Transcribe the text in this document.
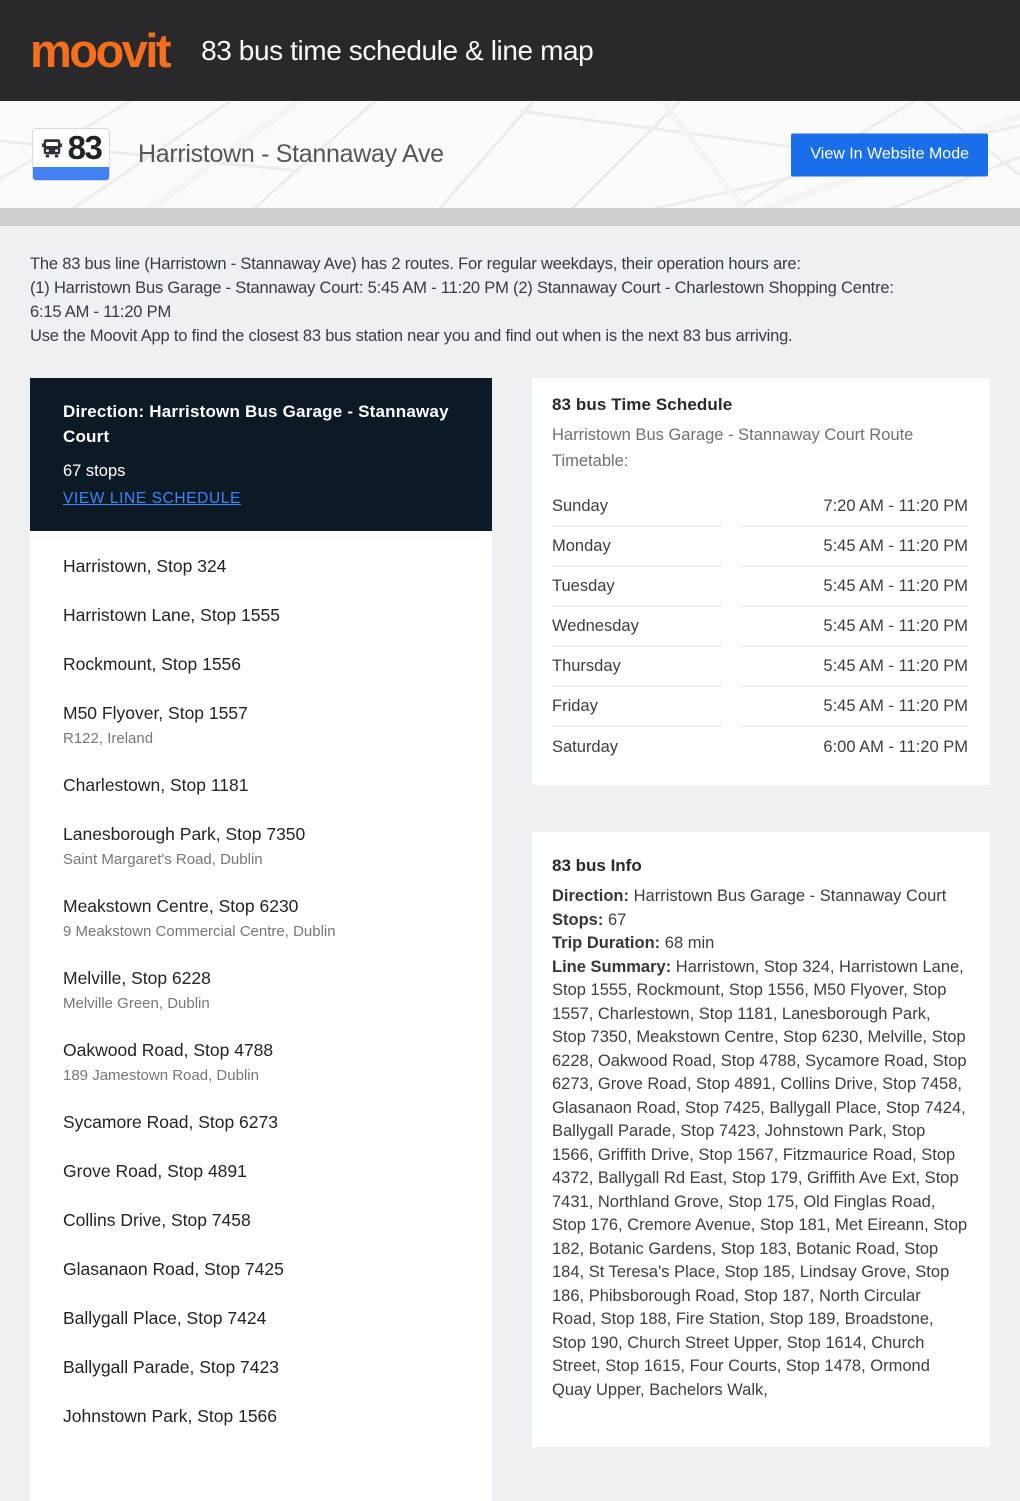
moovit 83 bus time schedule & line map
83 Harristown - Stannaway Ave	View In Website Mode
The 83 bus line (Harristown - Stannaway Ave) has 2 routes. For regular weekdays, their operation hours are:
(1) Harristown Bus Garage - Stannaway Court: 5:45 AM - 11:20 PM (2) Stannaway Court - Charlestown Shopping Centre:
6:15 AM - 11:20 PM
Use the Moovit App to find the closest 83 bus station near you and find out when is the next 83 bus arriving.
Direction: Harristown Bus Garage - Stannaway Court
67 stops
VIEW LINE SCHEDULE
Harristown, Stop 324
Harristown Lane, Stop 1555
Rockmount, Stop 1556
M50 Flyover, Stop 1557
R122, Ireland
Charlestown, Stop 1181
Lanesborough Park, Stop 7350
Saint Margaret's Road, Dublin
Meakstown Centre, Stop 6230
9 Meakstown Commercial Centre, Dublin
Melville, Stop 6228
Melville Green, Dublin
Oakwood Road, Stop 4788
189 Jamestown Road, Dublin
Sycamore Road, Stop 6273
Grove Road, Stop 4891
Collins Drive, Stop 7458
Glasanaon Road, Stop 7425
Ballygall Place, Stop 7424
Ballygall Parade, Stop 7423
Johnstown Park, Stop 1566
83 bus Time Schedule
Harristown Bus Garage - Stannaway Court Route Timetable:
Sunday	7:20 AM - 11:20 PM
Monday	5:45 AM - 11:20 PM
Tuesday	5:45 AM - 11:20 PM
Wednesday	5:45 AM - 11:20 PM
Thursday	5:45 AM - 11:20 PM
Friday	5:45 AM - 11:20 PM
Saturday	6:00 AM - 11:20 PM
83 bus Info
Direction: Harristown Bus Garage - Stannaway Court
Stops: 67
Trip Duration: 68 min
Line Summary: Harristown, Stop 324, Harristown Lane, Stop 1555, Rockmount, Stop 1556, M50 Flyover, Stop 1557, Charlestown, Stop 1181, Lanesborough Park, Stop 7350, Meakstown Centre, Stop 6230, Melville, Stop 6228, Oakwood Road, Stop 4788, Sycamore Road, Stop 6273, Grove Road, Stop 4891, Collins Drive, Stop 7458, Glasanaon Road, Stop 7425, Ballygall Place, Stop 7424, Ballygall Parade, Stop 7423, Johnstown Park, Stop 1566, Griffith Drive, Stop 1567, Fitzmaurice Road, Stop 4372, Ballygall Rd East, Stop 179, Griffith Ave Ext, Stop 7431, Northland Grove, Stop 175, Old Finglas Road, Stop 176, Cremore Avenue, Stop 181, Met Eireann, Stop 182, Botanic Gardens, Stop 183, Botanic Road, Stop 184, St Teresa's Place, Stop 185, Lindsay Grove, Stop 186, Phibsborough Road, Stop 187, North Circular Road, Stop 188, Fire Station, Stop 189, Broadstone, Stop 190, Church Street Upper, Stop 1614, Church Street, Stop 1615, Four Courts, Stop 1478, Ormond Quay Upper, Bachelors Walk,
